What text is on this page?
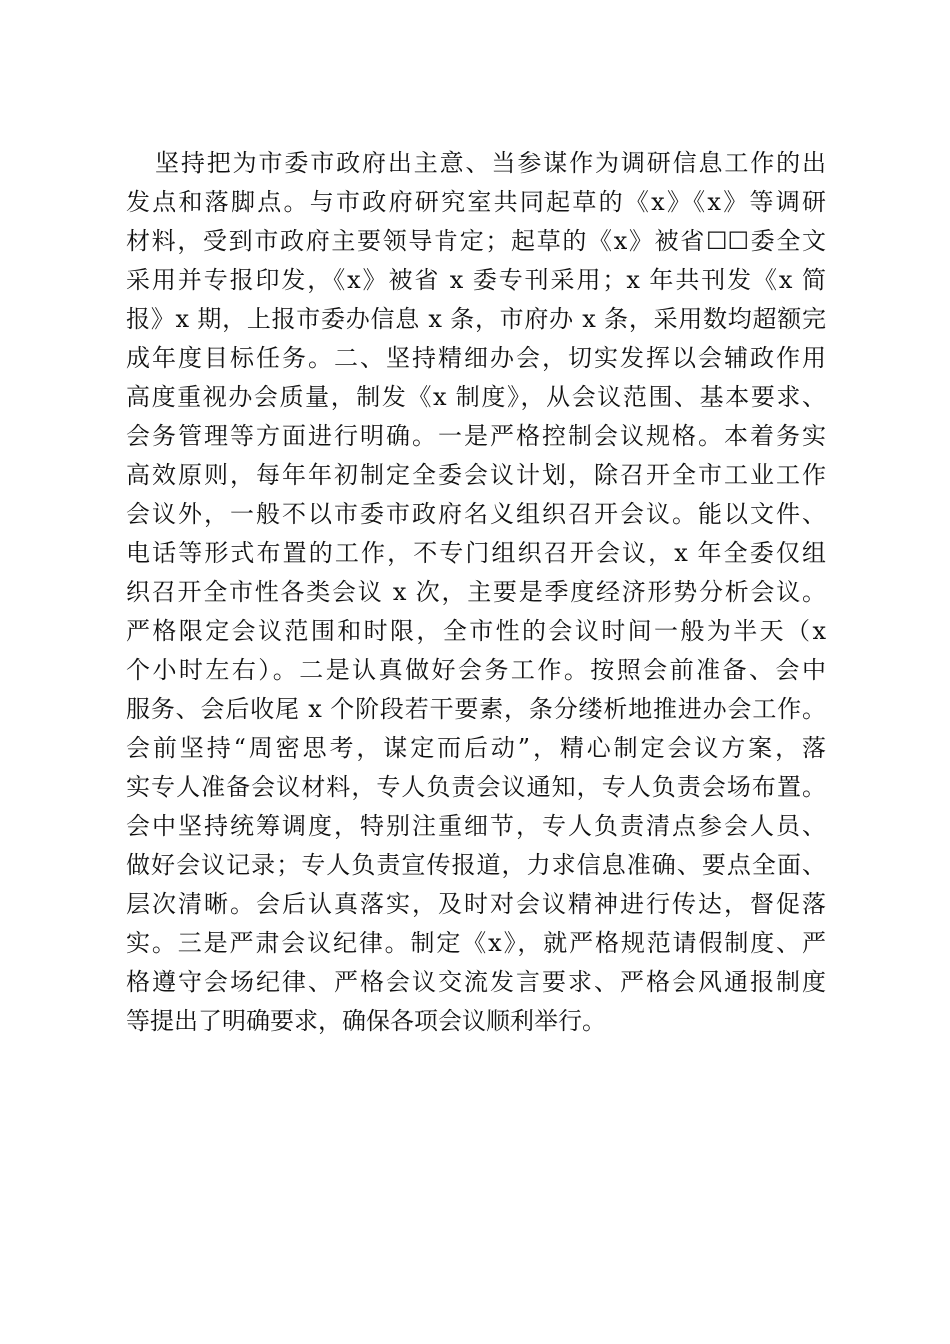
坚持把为市委市政府出主意、当参谋作为调研信息工作的出
发点和落脚点。与市政府研究室共同起草的《x》《x》等调研
材料，受到市政府主要领导肯定；起草的《x》被省☐☐委全文
采用并专报印发，《x》被省 x 委专刊采用；x 年共刊发《x 简
报》x 期，上报市委办信息 x 条，市府办 x 条，采用数均超额完
成年度目标任务。二、坚持精细办会，切实发挥以会辅政作用
高度重视办会质量，制发《x 制度》，从会议范围、基本要求、
会务管理等方面进行明确。一是严格控制会议规格。本着务实
高效原则，每年年初制定全委会议计划，除召开全市工业工作
会议外，一般不以市委市政府名义组织召开会议。能以文件、
电话等形式布置的工作，不专门组织召开会议，x 年全委仅组
织召开全市性各类会议 x 次，主要是季度经济形势分析会议。
严格限定会议范围和时限，全市性的会议时间一般为半天（x
个小时左右）。二是认真做好会务工作。按照会前准备、会中
服务、会后收尾 x 个阶段若干要素，条分缕析地推进办会工作。
会前坚持“周密思考，谋定而后动”，精心制定会议方案，落
实专人准备会议材料，专人负责会议通知，专人负责会场布置。
会中坚持统筹调度，特别注重细节，专人负责清点参会人员、
做好会议记录；专人负责宣传报道，力求信息准确、要点全面、
层次清晰。会后认真落实，及时对会议精神进行传达，督促落
实。三是严肃会议纪律。制定《x》，就严格规范请假制度、严
格遵守会场纪律、严格会议交流发言要求、严格会风通报制度
等提出了明确要求，确保各项会议顺利举行。
